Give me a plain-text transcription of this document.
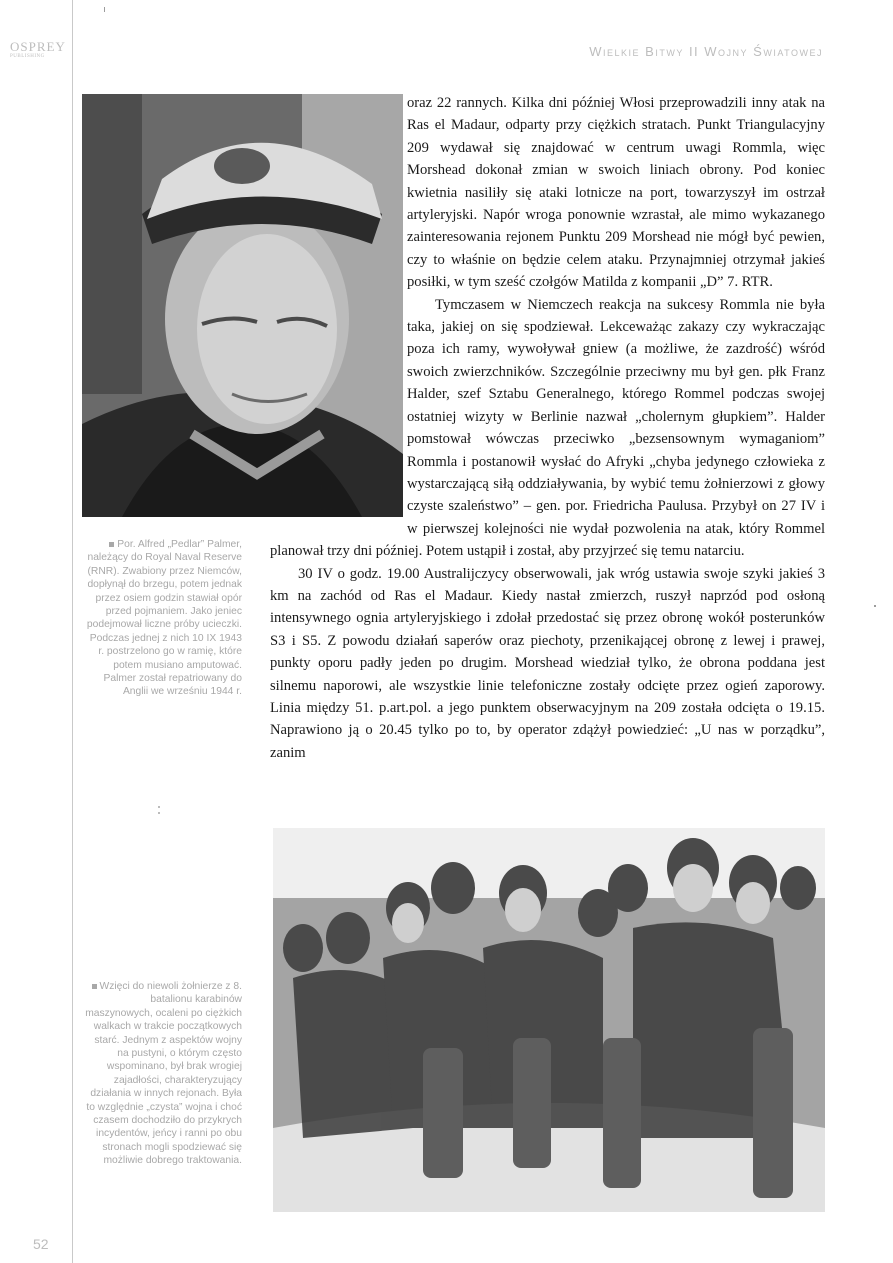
OSPREY
PUBLISHING	Wielkie Bitwy II Wojny Światowej
Por. Alfred „Pedlar” Palmer, należący do Royal Naval Reserve (RNR). Zwabiony przez Niemców, dopłynął do brzegu, potem jednak przez osiem godzin stawiał opór przed pojmaniem. Jako jeniec podejmował liczne próby ucieczki. Podczas jednej z nich 10 IX 1943 r. postrzelono go w ramię, które potem musiano amputować. Palmer został repatriowany do Anglii we wrześniu 1944 r.

oraz 22 rannych. Kilka dni później Włosi przeprowadzili inny atak na Ras el Madaur, odparty przy ciężkich stratach. Punkt Triangulacyjny 209 wydawał się znajdować w centrum uwagi Rommla, więc Morshead dokonał zmian w swoich liniach obrony. Pod koniec kwietnia nasiliły się ataki lotnicze na port, towarzyszył im ostrzał artyleryjski. Napór wroga ponownie wzrastał, ale mimo wykazanego zainteresowania rejonem Punktu 209 Morshead nie mógł być pewien, czy to właśnie on będzie celem ataku. Przynajmniej otrzymał jakieś posiłki, w tym sześć czołgów Matilda z kompanii „D” 7. RTR.

Tymczasem w Niemczech reakcja na sukcesy Rommla nie była taka, jakiej on się spodziewał. Lekceważąc zakazy czy wykraczając poza ich ramy, wywoływał gniew (a możliwe, że zazdrość) wśród swoich zwierzchników. Szczególnie przeciwny mu był gen. płk Franz Halder, szef Sztabu Generalnego, którego Rommel podczas swojej ostatniej wizyty w Berlinie nazwał „cholernym głupkiem”. Halder pomstował wówczas przeciwko „bezsensownym wymaganiom” Rommla i postanowił wysłać do Afryki „chyba jedynego człowieka z wystarczającą siłą oddziaływania, by wybić temu żołnierzowi z głowy czyste szaleństwo” – gen. por. Friedricha Paulusa. Przybył on 27 IV i w pierwszej kolejności nie wydał pozwolenia na atak, który Rommel planował trzy dni później. Potem ustąpił i został, aby przyjrzeć się temu natarciu.

30 IV o godz. 19.00 Australijczycy obserwowali, jak wróg ustawia swoje szyki jakieś 3 km na zachód od Ras el Madaur. Kiedy nastał zmierzch, ruszył naprzód pod osłoną intensywnego ognia artyleryjskiego i zdołał przedostać się przez obronę wokół posterunków S3 i S5. Z powodu działań saperów oraz piechoty, przenikającej obronę z lewej i prawej, punkty oporu padły jeden po drugim. Morshead wiedział tylko, że obrona poddana jest silnemu naporowi, ale wszystkie linie telefoniczne zostały odcięte przez ogień zaporowy. Linia między 51. p.art.pol. a jego punktem obserwacyjnym na 209 została odcięta o 19.15. Naprawiono ją o 20.45 tylko po to, by operator zdążył powiedzieć: „U nas w porządku”, zanim

Wzięci do niewoli żołnierze z 8. batalionu karabinów maszynowych, ocaleni po ciężkich walkach w trakcie początkowych starć. Jednym z aspektów wojny na pustyni, o którym często wspominano, był brak wrogiej zajadłości, charakteryzujący działania w innych rejonach. Była to względnie „czysta” wojna i choć czasem dochodziło do przykrych incydentów, jeńcy i ranni po obu stronach mogli spodziewać się możliwie dobrego traktowania.
52
